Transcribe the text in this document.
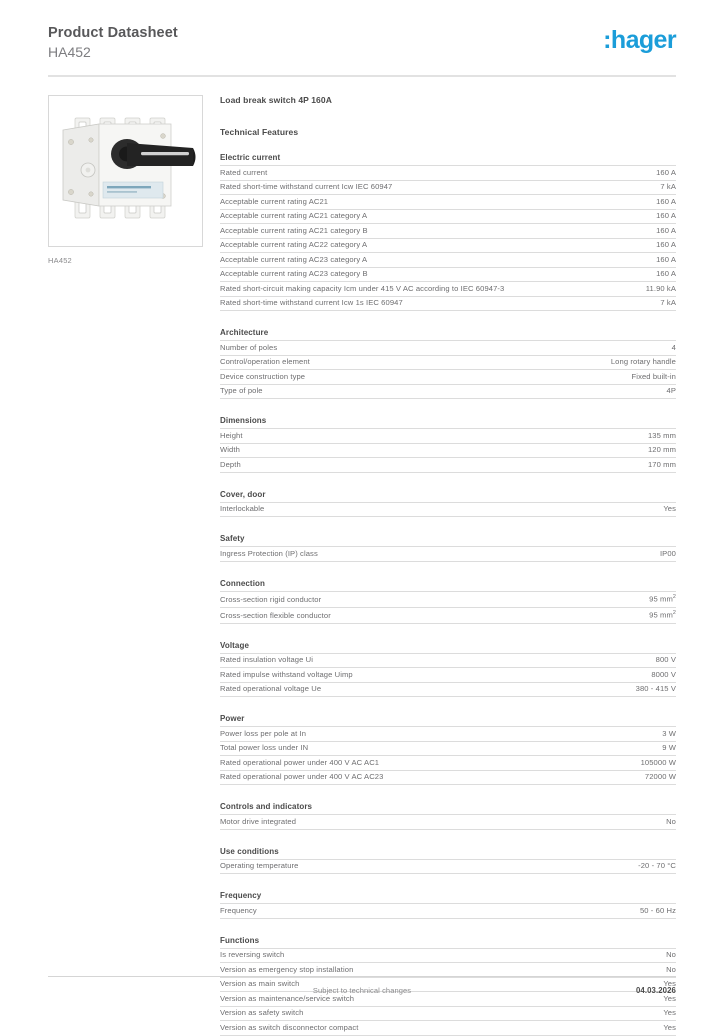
Product Datasheet
HA452	:hager
HA452
Load break switch 4P 160A
Technical Features
Electric current
Rated current	160 A
Rated short-time withstand current Icw IEC 60947	7 kA
Acceptable current rating AC21	160 A
Acceptable current rating AC21 category A	160 A
Acceptable current rating AC21 category B	160 A
Acceptable current rating AC22 category A	160 A
Acceptable current rating AC23 category A	160 A
Acceptable current rating AC23 category B	160 A
Rated short-circuit making capacity Icm under 415 V AC according to IEC 60947-3	11.90 kA
Rated short-time withstand current Icw 1s IEC 60947	7 kA
Architecture
Number of poles	4
Control/operation element	Long rotary handle
Device construction type	Fixed built-in
Type of pole	4P
Dimensions
Height	135 mm
Width	120 mm
Depth	170 mm
Cover, door
Interlockable	Yes
Safety
Ingress Protection (IP) class	IP00
Connection
Cross-section rigid conductor	95 $mm^2$
Cross-section flexible conductor	95 $mm^2$
Voltage
Rated insulation voltage Ui	800 V
Rated impulse withstand voltage Uimp	8000 V
Rated operational voltage Ue	380 - 415 V
Power
Power loss per pole at In	3 W
Total power loss under IN	9 W
Rated operational power under 400 V AC AC1	105000 W
Rated operational power under 400 V AC AC23	72000 W
Controls and indicators
Motor drive integrated	No
Use conditions
Operating temperature	-20 - 70 °C
Frequency
Frequency	50 - 60 Hz
Functions
Is reversing switch	No
Version as emergency stop installation	No
Version as main switch	Yes
Version as maintenance/service switch	Yes
Version as safety switch	Yes
Version as switch disconnector compact	Yes
Subject to technical changes	04.03.2026
